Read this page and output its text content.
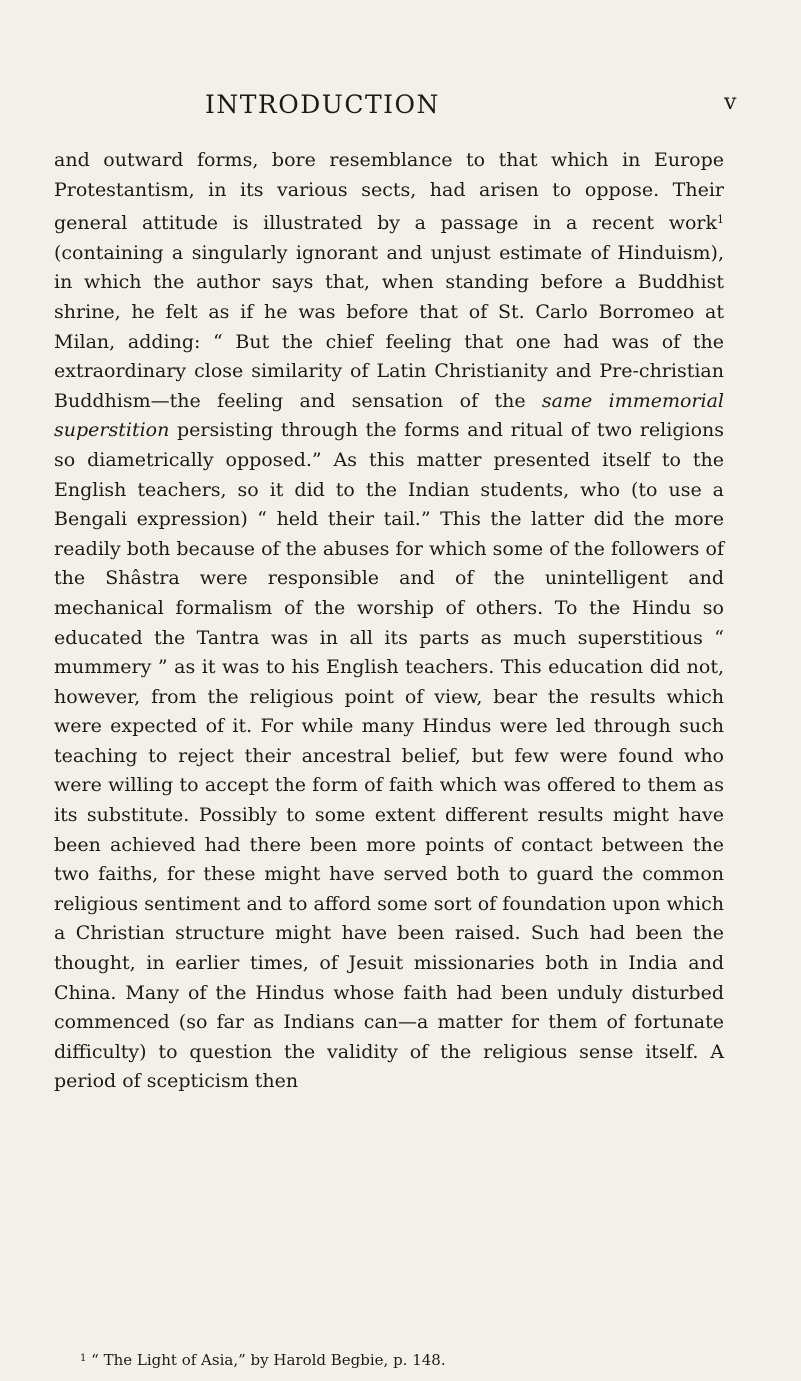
INTRODUCTION	v

and outward forms, bore resemblance to that which in Europe Protestantism, in its various sects, had arisen to oppose. Their general attitude is illustrated by a passage in a recent work$^1$ (containing a singularly ignorant and unjust estimate of Hinduism), in which the author says that, when standing before a Buddhist shrine, he felt as if he was before that of St. Carlo Borromeo at Milan, adding: “ But the chief feeling that one had was of the extraordinary close similarity of Latin Christianity and Pre-christian Buddhism—the feeling and sensation of the same immemorial superstition persisting through the forms and ritual of two religions so diametrically opposed.” As this matter presented itself to the English teachers, so it did to the Indian students, who (to use a Bengali expression) “ held their tail.” This the latter did the more readily both because of the abuses for which some of the followers of the Shâstra were responsible and of the unintelligent and mechanical formalism of the worship of others. To the Hindu so educated the Tantra was in all its parts as much superstitious “ mummery ” as it was to his English teachers. This education did not, however, from the religious point of view, bear the results which were expected of it. For while many Hindus were led through such teaching to reject their ancestral belief, but few were found who were willing to accept the form of faith which was offered to them as its substitute. Possibly to some extent different results might have been achieved had there been more points of contact between the two faiths, for these might have served both to guard the common religious sentiment and to afford some sort of foundation upon which a Christian structure might have been raised. Such had been the thought, in earlier times, of Jesuit missionaries both in India and China. Many of the Hindus whose faith had been unduly disturbed commenced (so far as Indians can—a matter for them of fortunate difficulty) to question the validity of the religious sense itself. A period of scepticism then

$^1$ “ The Light of Asia,” by Harold Begbie, p. 148.
